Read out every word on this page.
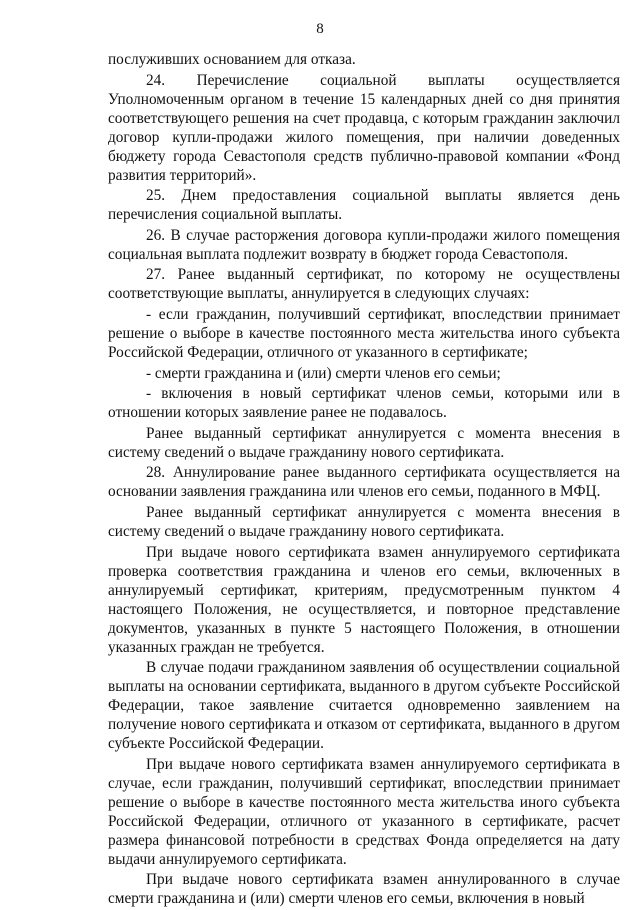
8

послуживших основанием для отказа.

24. Перечисление социальной выплаты осуществляется Уполномоченным органом в течение 15 календарных дней со дня принятия соответствующего решения на счет продавца, с которым гражданин заключил договор купли-продажи жилого помещения, при наличии доведенных бюджету города Севастополя средств публично-правовой компании «Фонд развития территорий».

25. Днем предоставления социальной выплаты является день перечисления социальной выплаты.

26. В случае расторжения договора купли-продажи жилого помещения социальная выплата подлежит возврату в бюджет города Севастополя.

27. Ранее выданный сертификат, по которому не осуществлены соответствующие выплаты, аннулируется в следующих случаях:

- если гражданин, получивший сертификат, впоследствии принимает решение о выборе в качестве постоянного места жительства иного субъекта Российской Федерации, отличного от указанного в сертификате;

- смерти гражданина и (или) смерти членов его семьи;

- включения в новый сертификат членов семьи, которыми или в отношении которых заявление ранее не подавалось.

Ранее выданный сертификат аннулируется с момента внесения в систему сведений о выдаче гражданину нового сертификата.

28. Аннулирование ранее выданного сертификата осуществляется на основании заявления гражданина или членов его семьи, поданного в МФЦ.

Ранее выданный сертификат аннулируется с момента внесения в систему сведений о выдаче гражданину нового сертификата.

При выдаче нового сертификата взамен аннулируемого сертификата проверка соответствия гражданина и членов его семьи, включенных в аннулируемый сертификат, критериям, предусмотренным пунктом 4 настоящего Положения, не осуществляется, и повторное представление документов, указанных в пункте 5 настоящего Положения, в отношении указанных граждан не требуется.

В случае подачи гражданином заявления об осуществлении социальной выплаты на основании сертификата, выданного в другом субъекте Российской Федерации, такое заявление считается одновременно заявлением на получение нового сертификата и отказом от сертификата, выданного в другом субъекте Российской Федерации.

При выдаче нового сертификата взамен аннулируемого сертификата в случае, если гражданин, получивший сертификат, впоследствии принимает решение о выборе в качестве постоянного места жительства иного субъекта Российской Федерации, отличного от указанного в сертификате, расчет размера финансовой потребности в средствах Фонда определяется на дату выдачи аннулируемого сертификата.

При выдаче нового сертификата взамен аннулированного в случае смерти гражданина и (или) смерти членов его семьи, включения в новый
